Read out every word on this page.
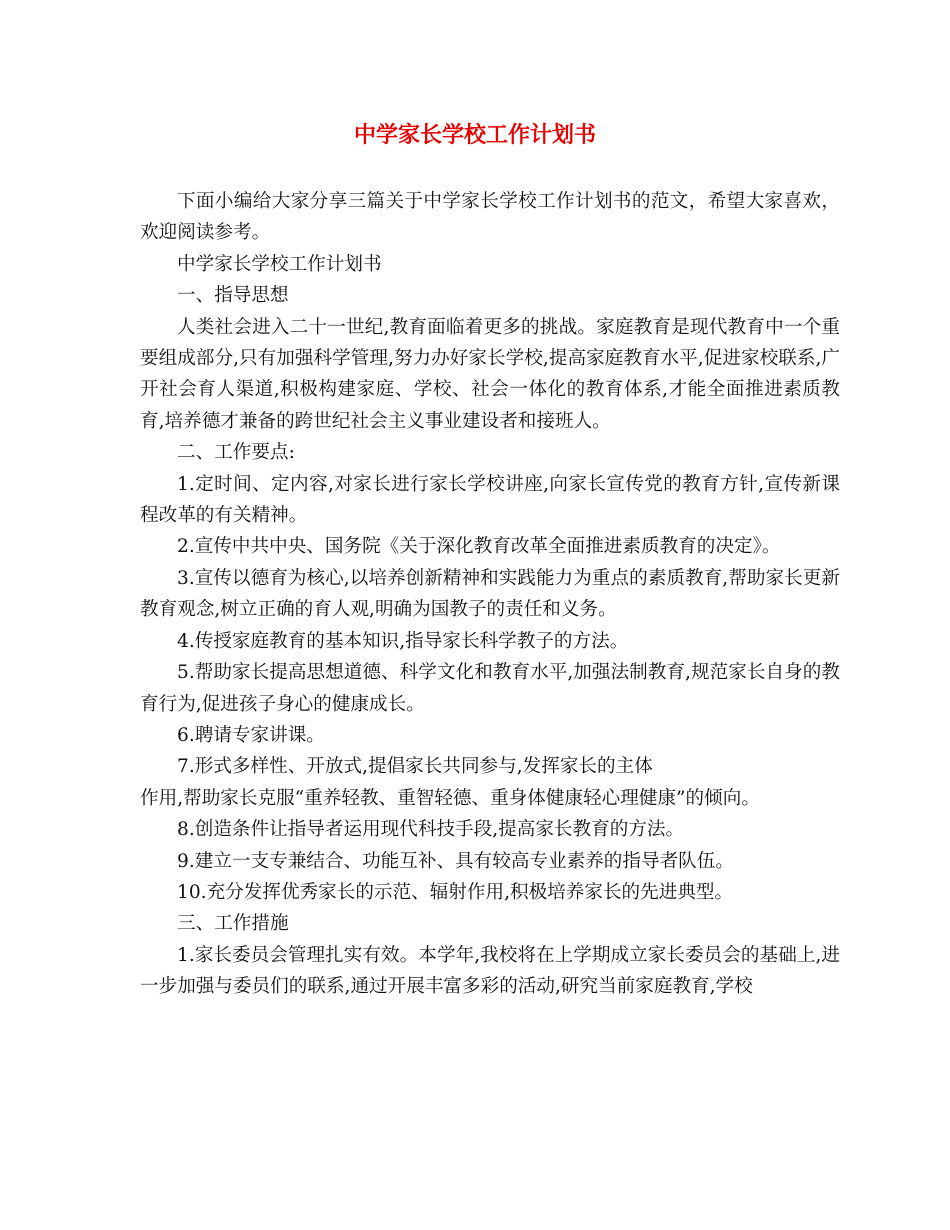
中学家长学校工作计划书

下面小编给大家分享三篇关于中学家长学校工作计划书的范文，希望大家喜欢，欢迎阅读参考。

中学家长学校工作计划书

一、指导思想

人类社会进入二十一世纪,教育面临着更多的挑战。家庭教育是现代教育中一个重要组成部分,只有加强科学管理,努力办好家长学校,提高家庭教育水平,促进家校联系,广开社会育人渠道,积极构建家庭、学校、社会一体化的教育体系,才能全面推进素质教育,培养德才兼备的跨世纪社会主义事业建设者和接班人。

二、工作要点:

1.定时间、定内容,对家长进行家长学校讲座,向家长宣传党的教育方针,宣传新课程改革的有关精神。

2.宣传中共中央、国务院《关于深化教育改革全面推进素质教育的决定》。

3.宣传以德育为核心,以培养创新精神和实践能力为重点的素质教育,帮助家长更新教育观念,树立正确的育人观,明确为国教子的责任和义务。

4.传授家庭教育的基本知识,指导家长科学教子的方法。

5.帮助家长提高思想道德、科学文化和教育水平,加强法制教育,规范家长自身的教育行为,促进孩子身心的健康成长。

6.聘请专家讲课。

7.形式多样性、开放式,提倡家长共同参与,发挥家长的主体

作用,帮助家长克服“重养轻教、重智轻德、重身体健康轻心理健康”的倾向。

8.创造条件让指导者运用现代科技手段,提高家长教育的方法。

9.建立一支专兼结合、功能互补、具有较高专业素养的指导者队伍。

10.充分发挥优秀家长的示范、辐射作用,积极培养家长的先进典型。

三、工作措施

1.家长委员会管理扎实有效。本学年,我校将在上学期成立家长委员会的基础上,进一步加强与委员们的联系,通过开展丰富多彩的活动,研究当前家庭教育,学校
